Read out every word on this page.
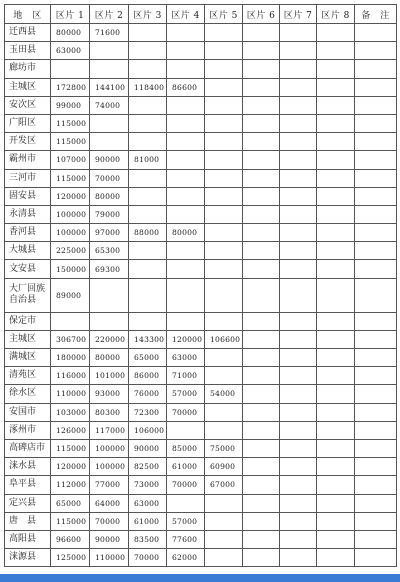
地　区	区片 1	区片 2	区片 3	区片 4	区片 5	区片 6	区片 7	区片 8	备　注	
迁西县	80000	71600								
玉田县	63000									
廊坊市										
主城区	172800	144100	118400	86600						
安次区	99000	74000								
广阳区	115000									
开发区	115000									
霸州市	107000	90000	81000							
三河市	115000	70000								
固安县	120000	80000								
永清县	100000	79000								
香河县	100000	97000	88000	80000						
大城县	225000	65300								
文安县	150000	69300								
大厂回族自治县	89000									
保定市										
主城区	306700	220000	143300	120000	106600					
满城区	180000	80000	65000	63000						
清苑区	116000	101000	86000	71000						
徐水区	110000	93000	76000	57000	54000					
安国市	103000	80300	72300	70000						
涿州市	126000	117000	106000							
高碑店市	115000	100000	90000	85000	75000					
涞水县	120000	100000	82500	61000	60900					
阜平县	112000	77000	73000	70000	67000					
定兴县	65000	64000	63000							
唐　县	115000	70000	61000	57000						
高阳县	96600	90000	83500	77600						
涞源县	125000	110000	70000	62000						
